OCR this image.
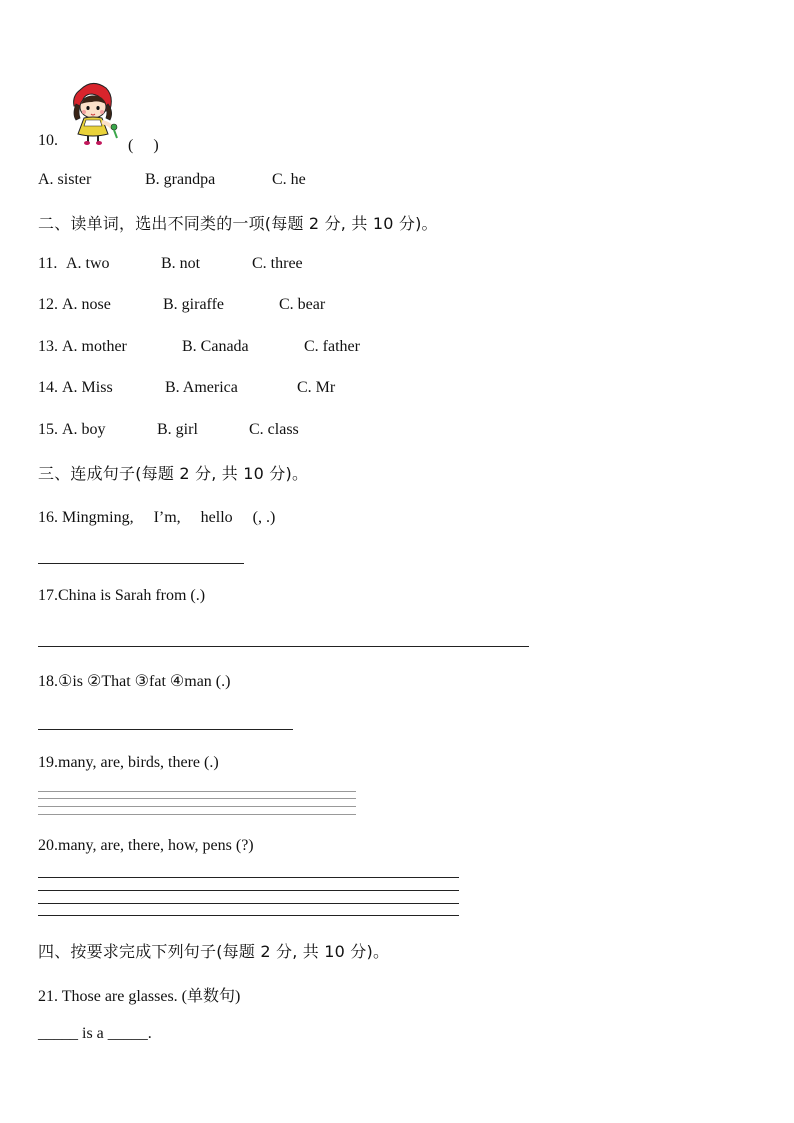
10.	(　 )
A. sister	B. grandpa	C. he
二、读单词，选出不同类的一项(每题 2 分, 共 10 分)。
11. A. two	B. not	C. three
12. A. nose	B. giraffe	C. bear
13. A. mother	B. Canada	C. father
14. A. Miss	B. America	C. Mr
15. A. boy	B. girl	C. class
三、连成句子(每题 2 分, 共 10 分)。
16. Mingming,　 I’m,　 hello　 (, .)
17.China is Sarah from (.)
18.①is ②That ③fat ④man (.)
19.many, are, birds, there (.)
20.many, are, there, how, pens (?)
四、按要求完成下列句子(每题 2 分, 共 10 分)。
21. Those are glasses. (单数句)
_____ is a _____.
